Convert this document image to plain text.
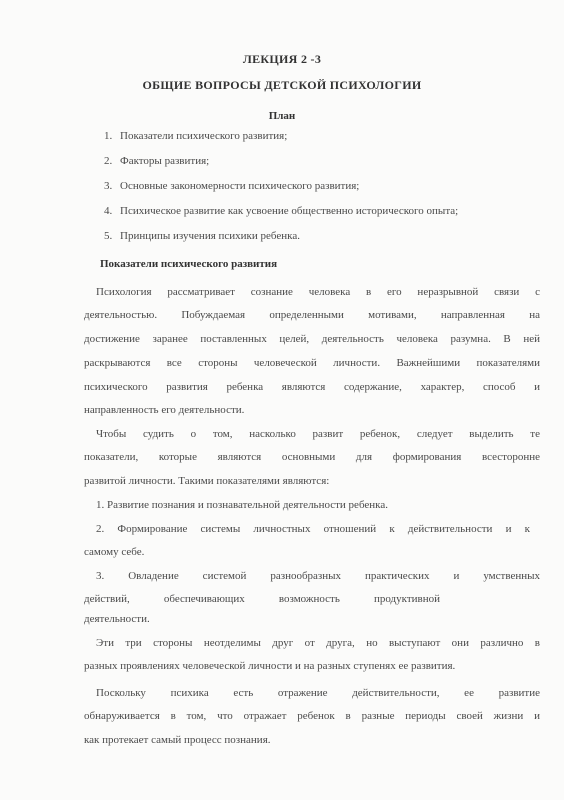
ЛЕКЦИЯ 2 -3
ОБЩИЕ ВОПРОСЫ ДЕТСКОЙ ПСИХОЛОГИИ
План
1. Показатели психического развития;
2. Факторы развития;
3. Основные закономерности психического развития;
4. Психическое развитие как усвоение общественно исторического опыта;
5. Принципы изучения психики ребенка.
Показатели психического развития
Психология рассматривает сознание человека в его неразрывной связи с
деятельностью. Побуждаемая определенными мотивами, направленная на
достижение заранее поставленных целей, деятельность человека разумна. В ней
раскрываются все стороны человеческой личности. Важнейшими показателями
психического развития ребенка являются содержание, характер, способ и
направленность его деятельности.
Чтобы судить о том, насколько развит ребенок, следует выделить те
показатели, которые являются основными для формирования всесторонне
развитой личности. Такими показателями являются:
1. Развитие познания и познавательной деятельности ребенка.
2. Формирование системы личностных отношений к действительности и к
самому себе.
3. Овладение системой разнообразных практических и умственных
действий, обеспечивающих возможность продуктивной
деятельности.
Эти три стороны неотделимы друг от друга, но выступают они различно в
разных проявлениях человеческой личности и на разных ступенях ее развития.
Поскольку психика есть отражение действительности, ее развитие
обнаруживается в том, что отражает ребенок в разные периоды своей жизни и
как протекает самый процесс познания.
